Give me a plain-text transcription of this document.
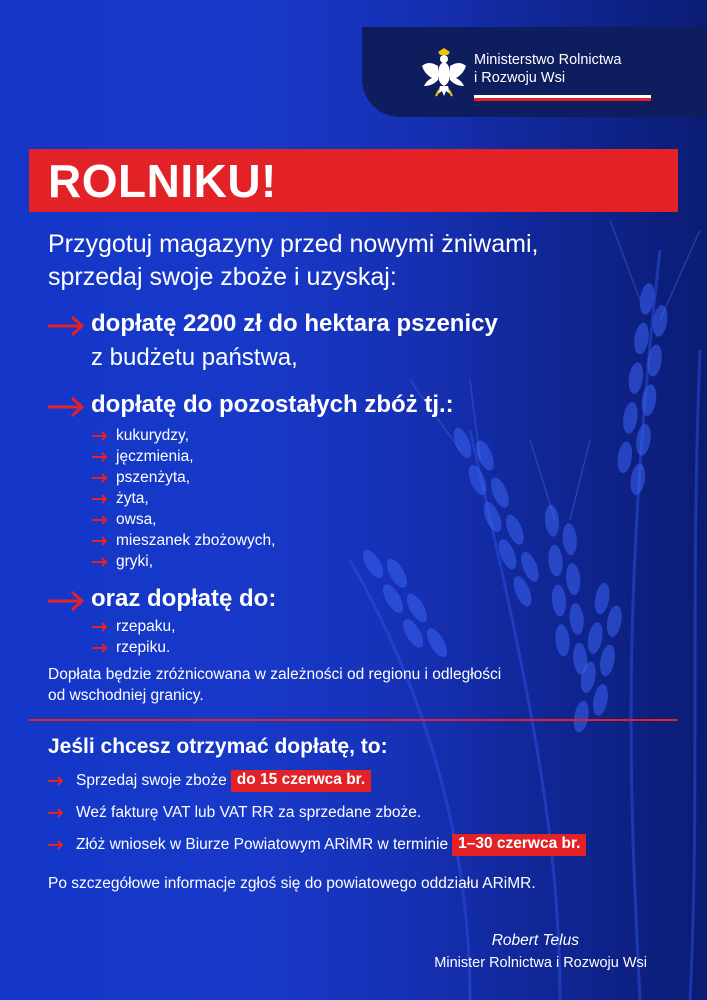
Ministerstwo Rolnictwa
i Rozwoju Wsi
ROLNIKU!
Przygotuj magazyny przed nowymi żniwami,
sprzedaj swoje zboże i uzyskaj:
dopłatę 2200 zł do hektara pszenicy
z budżetu państwa,
dopłatę do pozostałych zbóż tj.:
kukurydzy,
jęczmienia,
pszenżyta,
żyta,
owsa,
mieszanek zbożowych,
gryki,
oraz dopłatę do:
rzepaku,
rzepiku.
Dopłata będzie zróżnicowana w zależności od regionu i odległości
od wschodniej granicy.
Jeśli chcesz otrzymać dopłatę, to:
Sprzedaj swoje zboże do 15 czerwca br.
Weź fakturę VAT lub VAT RR za sprzedane zboże.
Złóż wniosek w Biurze Powiatowym ARiMR w terminie 1–30 czerwca br.
Po szczegółowe informacje zgłoś się do powiatowego oddziału ARiMR.
Robert Telus
Minister Rolnictwa i Rozwoju Wsi
